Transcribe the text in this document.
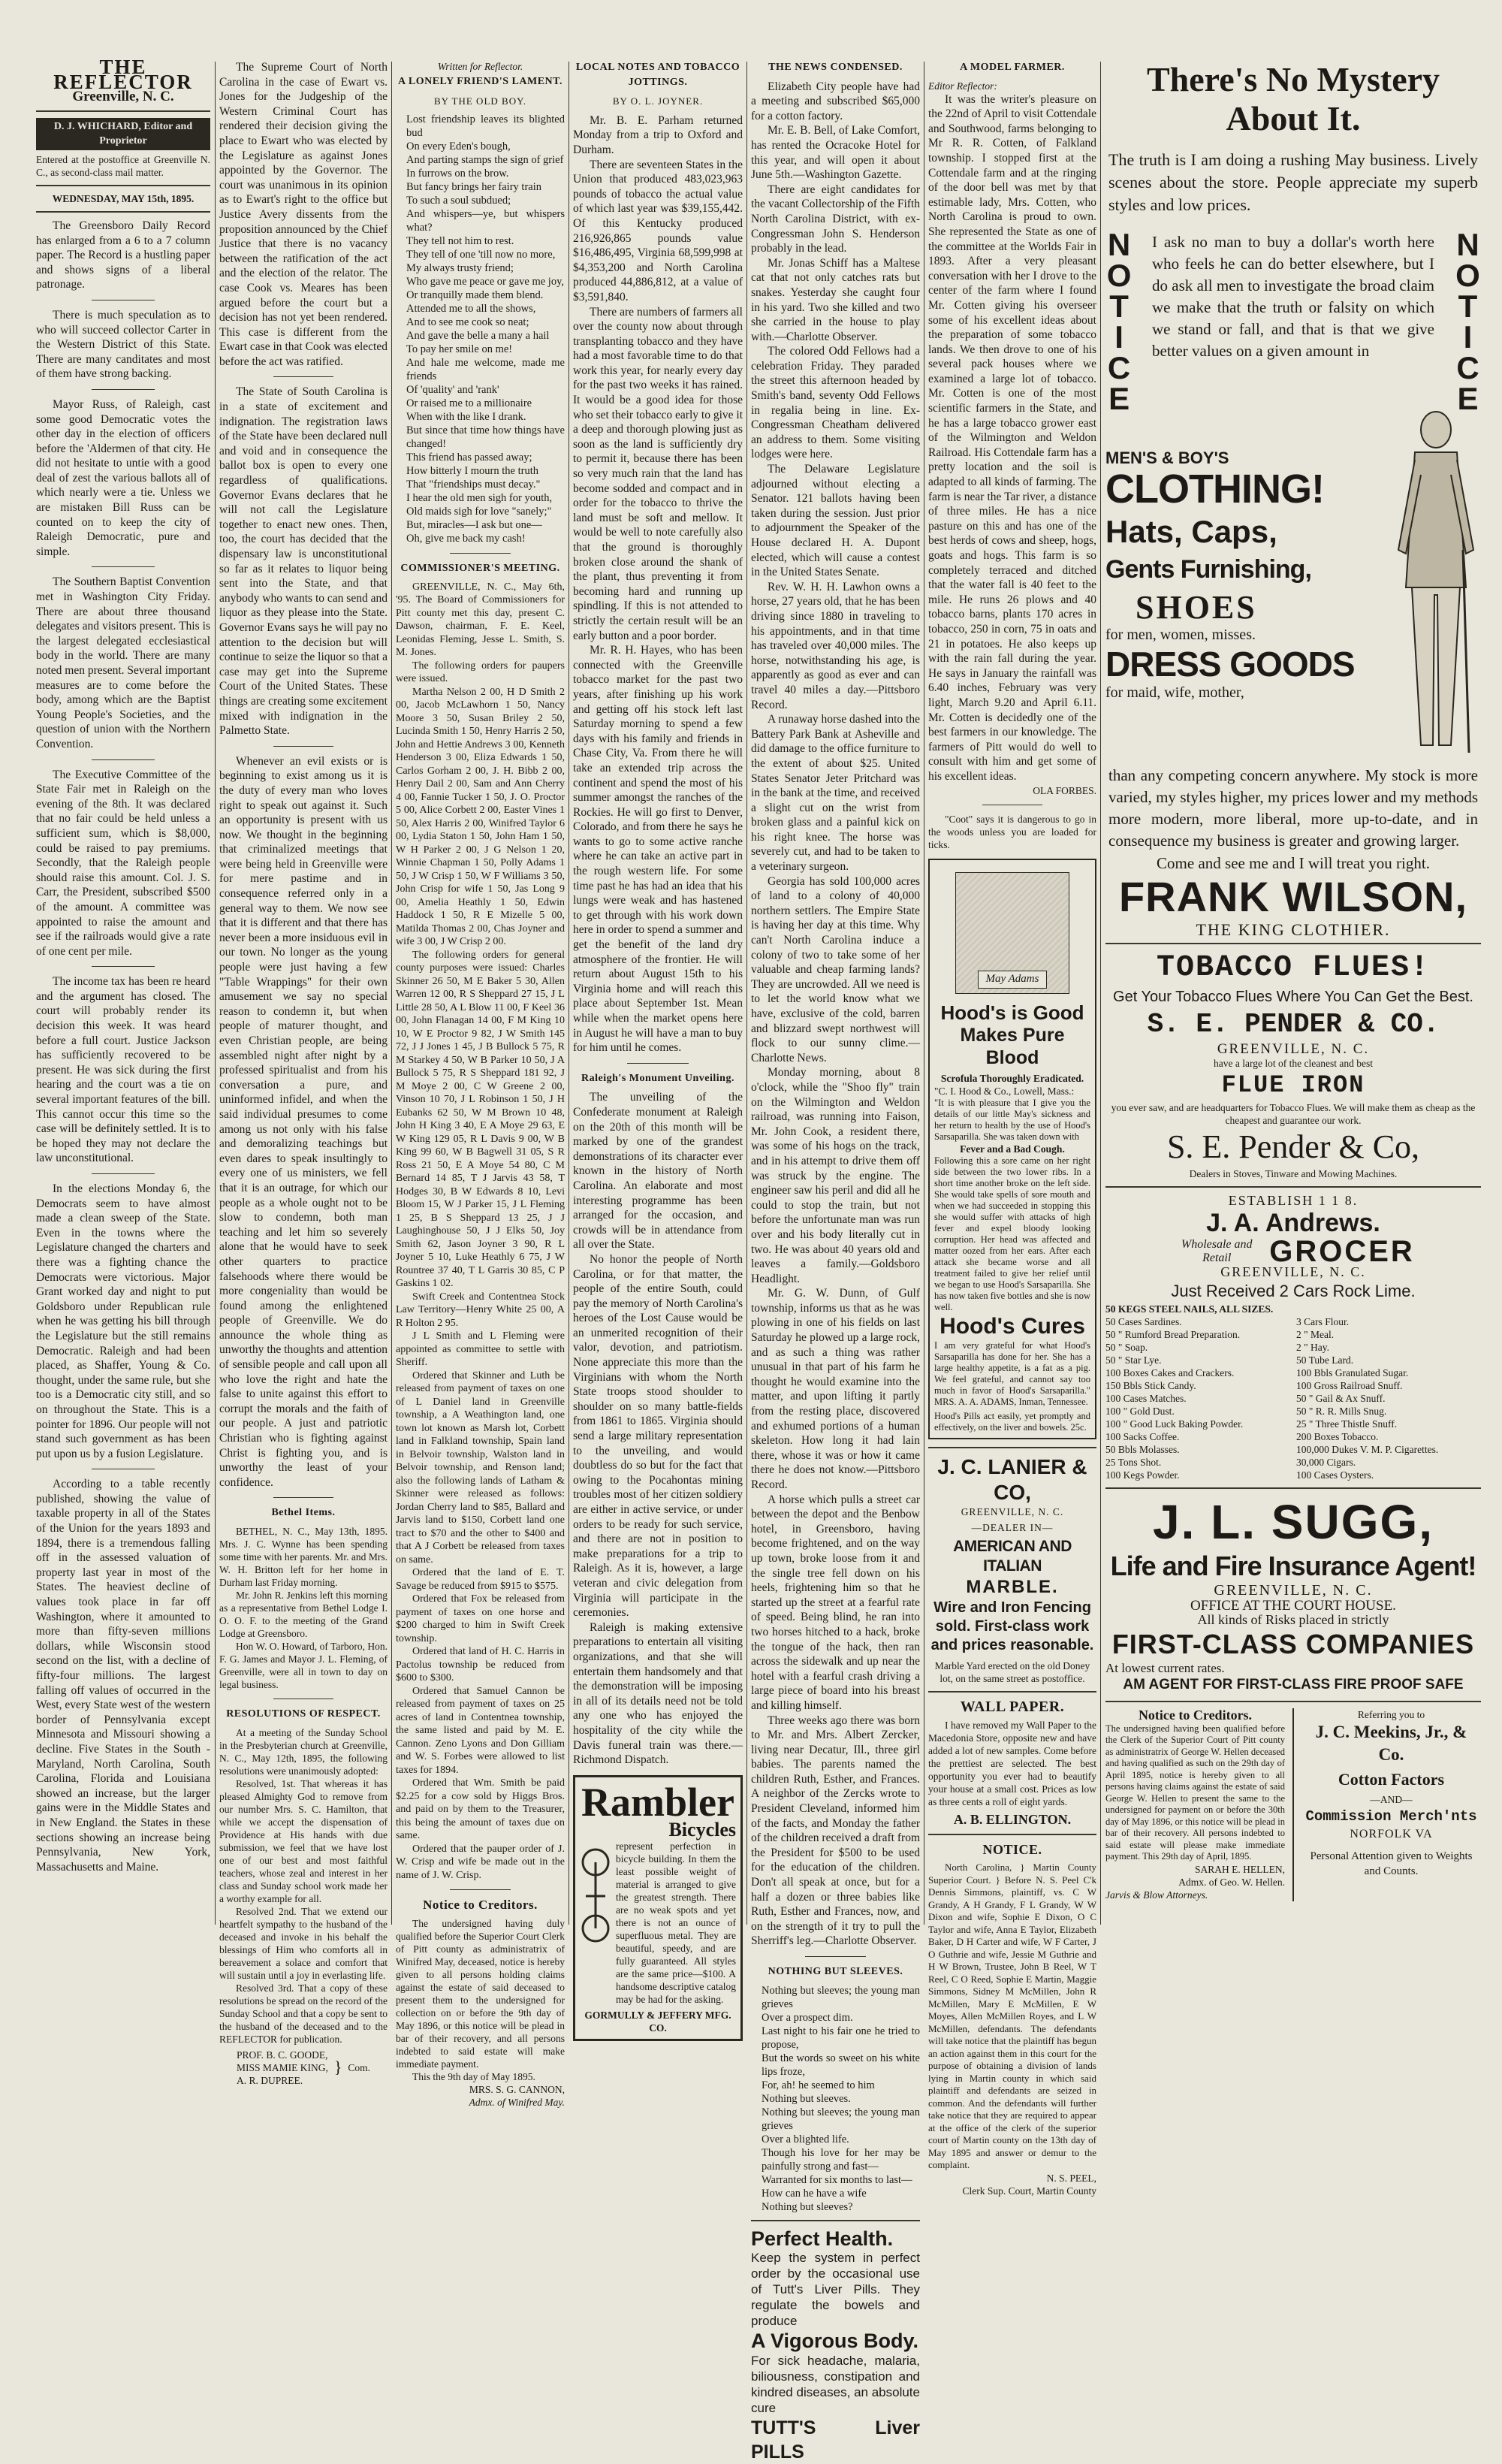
THE REFLECTOR
Greenville, N. C.
D. J. WHICHARD, Editor and Proprietor
Entered at the postoffice at Greenville N. C., as second-class mail matter.
WEDNESDAY, MAY 15th, 1895.

The Greensboro Daily Record has enlarged from a 6 to a 7 column paper. The Record is a hustling paper and shows signs of a liberal patronage.

There is much speculation as to who will succeed collector Carter in the Western District of this State. There are many canditates and most of them have strong backing.

Mayor Russ, of Raleigh, cast some good Democratic votes the other day in the election of officers before the 'Aldermen of that city. He did not hesitate to untie with a good deal of zest the various ballots all of which nearly were a tie. Unless we are mistaken Bill Russ can be counted on to keep the city of Raleigh Democratic, pure and simple.

The Southern Baptist Convention met in Washington City Friday. There are about three thousand delegates and visitors present. This is the largest delegated ecclesiastical body in the world. There are many noted men present. Several important measures are to come before the body, among which are the Baptist Young People's Societies, and the question of union with the Northern Convention.

The Executive Committee of the State Fair met in Raleigh on the evening of the 8th. It was declared that no fair could be held unless a sufficient sum, which is $8,000, could be raised to pay premiums. Secondly, that the Raleigh people should raise this amount. Col. J. S. Carr, the President, subscribed $500 of the amount. A committee was appointed to raise the amount and see if the railroads would give a rate of one cent per mile.

The income tax has been re heard and the argument has closed. The court will probably render its decision this week. It was heard before a full court. Justice Jackson has sufficiently recovered to be present. He was sick during the first hearing and the court was a tie on several important features of the bill. This cannot occur this time so the case will be definitely settled. It is to be hoped they may not declare the law unconstitutional.

In the elections Monday 6, the Democrats seem to have almost made a clean sweep of the State. Even in the towns where the Legislature changed the charters and there was a fighting chance the Democrats were victorious. Major Grant worked day and night to put Goldsboro under Republican rule when he was getting his bill through the Legislature but the still remains Democratic. Raleigh and had been placed, as Shaffer, Young & Co. thought, under the same rule, but she too is a Democratic city still, and so on throughout the State. This is a pointer for 1896. Our people will not stand such government as has been put upon us by a fusion Legislature.

According to a table recently published, showing the value of taxable property in all of the States of the Union for the years 1893 and 1894, there is a tremendous falling off in the assessed valuation of property last year in most of the States. The heaviest decline of values took place in far off Washington, where it amounted to more than fifty-seven millions dollars, while Wisconsin stood second on the list, with a decline of fifty-four millions. The largest falling off values of occurred in the West, every State west of the western border of Pennsylvania except Minnesota and Missouri showing a decline. Five States in the South -Maryland, North Carolina, South Carolina, Florida and Louisiana showed an increase, but the larger gains were in the Middle States and in New England. the States in these sections showing an increase being Pennsylvania, New York, Massachusetts and Maine.

The Supreme Court of North Carolina in the case of Ewart vs. Jones for the Judgeship of the Western Criminal Court has rendered their decision giving the place to Ewart who was elected by the Legislature as against Jones appointed by the Governor. The court was unanimous in its opinion as to Ewart's right to the office but Justice Avery dissents from the proposition announced by the Chief Justice that there is no vacancy between the ratification of the act and the election of the relator. The case Cook vs. Meares has been argued before the court but a decision has not yet been rendered. This case is different from the Ewart case in that Cook was elected before the act was ratified.

The State of South Carolina is in a state of excitement and indignation. The registration laws of the State have been declared null and void and in consequence the ballot box is open to every one regardless of qualifications. Governor Evans declares that he will not call the Legislature together to enact new ones. Then, too, the court has decided that the dispensary law is unconstitutional so far as it relates to liquor being sent into the State, and that anybody who wants to can send and liquor as they please into the State. Governor Evans says he will pay no attention to the decision but will continue to seize the liquor so that a case may get into the Supreme Court of the United States. These things are creating some excitement mixed with indignation in the Palmetto State.

Whenever an evil exists or is beginning to exist among us it is the duty of every man who loves right to speak out against it. Such an opportunity is present with us now. We thought in the beginning that criminalized meetings that were being held in Greenville were for mere pastime and in consequence referred only in a general way to them. We now see that it is different and that there has never been a more insiduous evil in our town. No longer as the young people were just having a few "Table Wrappings" for their own amusement we say no special reason to condemn it, but when people of maturer thought, and even Christian people, are being assembled night after night by a professed spiritualist and from his conversation a pure, and uninformed infidel, and when the said individual presumes to come among us not only with his false and demoralizing teachings but even dares to speak insultingly to every one of us ministers, we fell that it is an outrage, for which our people as a whole ought not to be slow to condemn, both man teaching and let him so severely alone that he would have to seek other quarters to practice falsehoods where there would be more congeniality than would be found among the enlightened people of Greenville. We do announce the whole thing as unworthy the thoughts and attention of sensible people and call upon all who love the right and hate the false to unite against this effort to corrupt the morals and the faith of our people. A just and patriotic Christian who is fighting against Christ is fighting you, and is unworthy the least of your confidence.

Bethel Items.

BETHEL, N. C., May 13th, 1895. Mrs. J. C. Wynne has been spending some time with her parents. Mr. and Mrs. W. H. Britton left for her home in Durham last Friday morning.

Mr. John R. Jenkins left this morning as a representative from Bethel Lodge I. O. O. F. to the meeting of the Grand Lodge at Greensboro.

Hon W. O. Howard, of Tarboro, Hon. F. G. James and Mayor J. L. Fleming, of Greenville, were all in town to day on legal business.

RESOLUTIONS OF RESPECT.

At a meeting of the Sunday School in the Presbyterian church at Greenville, N. C., May 12th, 1895, the following resolutions were unanimously adopted:

Resolved, 1st. That whereas it has pleased Almighty God to remove from our number Mrs. S. C. Hamilton, that while we accept the dispensation of Providence at His hands with due submission, we feel that we have lost one of our best and most faithful teachers, whose zeal and interest in her class and Sunday school work made her a worthy example for all.

Resolved 2nd. That we extend our heartfelt sympathy to the husband of the deceased and invoke in his behalf the blessings of Him who comforts all in bereavement a solace and comfort that will sustain until a joy in everlasting life.

Resolved 3rd. That a copy of these resolutions be spread on the record of the Sunday School and that a copy be sent to the husband of the deceased and to the REFLECTOR for publication.

PROF. B. C. GOODE,
MISS MAMIE KING,
A. R. DUPREE.
} Com.
Written for Reflector.
A LONELY FRIEND'S LAMENT.
BY THE OLD BOY.
Lost friendship leaves its blighted bud
On every Eden's bough,
And parting stamps the sign of grief
In furrows on the brow.
But fancy brings her fairy train
To such a soul subdued;
And whispers—ye, but whispers what?
They tell not him to rest.
They tell of one 'till now no more,
My always trusty friend;
Who gave me peace or gave me joy,
Or tranquilly made them blend.
Attended me to all the shows,
And to see me cook so neat;
And gave the belle a many a hail
To pay her smile on me!
And hale me welcome, made me friends
Of 'quality' and 'rank'
Or raised me to a millionaire
When with the like I drank.
But since that time how things have changed!
This friend has passed away;
How bitterly I mourn the truth
That "friendships must decay."
I hear the old men sigh for youth,
Old maids sigh for love "sanely;"
But, miracles—I ask but one—
Oh, give me back my cash!
COMMISSIONER'S MEETING.

GREENVILLE, N. C., May 6th, '95. The Board of Commissioners for Pitt county met this day, present C. Dawson, chairman, F. E. Keel, Leonidas Fleming, Jesse L. Smith, S. M. Jones.

The following orders for paupers were issued.

Martha Nelson 2 00, H D Smith 2 00, Jacob McLawhorn 1 50, Nancy Moore 3 50, Susan Briley 2 50, Lucinda Smith 1 50, Henry Harris 2 50, John and Hettie Andrews 3 00, Kenneth Henderson 3 00, Eliza Edwards 1 50, Carlos Gorham 2 00, J. H. Bibb 2 00, Henry Dail 2 00, Sam and Ann Cherry 4 00, Fannie Tucker 1 50, J. O. Proctor 5 00, Alice Corbett 2 00, Easter Vines 1 50, Alex Harris 2 00, Winifred Taylor 6 00, Lydia Staton 1 50, John Ham 1 50, W H Parker 2 00, J G Nelson 1 20, Winnie Chapman 1 50, Polly Adams 1 50, J W Crisp 1 50, W F Williams 3 50, John Crisp for wife 1 50, Jas Long 9 00, Amelia Heathly 1 50, Edwin Haddock 1 50, R E Mizelle 5 00, Matilda Thomas 2 00, Chas Joyner and wife 3 00, J W Crisp 2 00.

The following orders for general county purposes were issued: Charles Skinner 26 50, M E Baker 5 30, Allen Warren 12 00, R S Sheppard 27 15, J L Little 28 50, A L Blow 11 00, F Keel 36 00, John Flanagan 14 00, F M King 10 10, W E Proctor 9 82, J W Smith 145 72, J J Jones 1 45, J B Bullock 5 75, R M Starkey 4 50, W B Parker 10 50, J A Bullock 5 75, R S Sheppard 181 92, J M Moye 2 00, C W Greene 2 00, Vinson 10 70, J L Robinson 1 50, J H Eubanks 62 50, W M Brown 10 48, John H King 3 40, E A Moye 29 63, E W King 129 05, R L Davis 9 00, W B King 99 60, W B Bagwell 31 05, S R Ross 21 50, E A Moye 54 80, C M Bernard 14 85, T J Jarvis 43 58, T Hodges 30, B W Edwards 8 10, Levi Bloom 15, W J Parker 15, J L Fleming 1 25, B S Sheppard 13 25, J J Laughinghouse 50, J J Elks 50, Joy Smith 62, Jason Joyner 3 90, R L Joyner 5 10, Luke Heathly 6 75, J W Rountree 37 40, T L Garris 30 85, C P Gaskins 1 02.

Swift Creek and Contentnea Stock Law Territory—Henry White 25 00, A R Holton 2 95.

J L Smith and L Fleming were appointed as committee to settle with Sheriff.

Ordered that Skinner and Luth be released from payment of taxes on one of L Daniel land in Greenville township, a A Weathington land, one town lot known as Marsh lot, Corbett land in Falkland township, Spain land in Belvoir township, Walston land in Belvoir township, and Renson land; also the following lands of Latham & Skinner were released as follows: Jordan Cherry land to $85, Ballard and Jarvis land to $150, Corbett land one tract to $70 and the other to $400 and that A J Corbett be released from taxes on same.

Ordered that the land of E. T. Savage be reduced from $915 to $575.

Ordered that Fox be released from payment of taxes on one horse and $200 charged to him in Swift Creek township.

Ordered that land of H. C. Harris in Pactolus township be reduced from $600 to $300.

Ordered that Samuel Cannon be released from payment of taxes on 25 acres of land in Contentnea township, the same listed and paid by M. E. Cannon. Zeno Lyons and Don Gilliam and W. S. Forbes were allowed to list taxes for 1894.

Ordered that Wm. Smith be paid $2.25 for a cow sold by Higgs Bros. and paid on by them to the Treasurer, this being the amount of taxes due on same.

Ordered that the pauper order of J. W. Crisp and wife be made out in the name of J. W. Crisp.

Notice to Creditors.

The undersigned having duly qualified before the Superior Court Clerk of Pitt county as administratrix of Winifred May, deceased, notice is hereby given to all persons holding claims against the estate of said deceased to present them to the undersigned for collection on or before the 9th day of May 1896, or this notice will be plead in bar of their recovery, and all persons indebted to said estate will make immediate payment.

This the 9th day of May 1895.

MRS. S. G. CANNON,
Admx. of Winifred May.
LOCAL NOTES AND TOBACCO JOTTINGS.
BY O. L. JOYNER.

Mr. B. E. Parham returned Monday from a trip to Oxford and Durham.

There are seventeen States in the Union that produced 483,023,963 pounds of tobacco the actual value of which last year was $39,155,442. Of this Kentucky produced 216,926,865 pounds value $16,486,495, Virginia 68,599,998 at $4,353,200 and North Carolina produced 44,886,812, at a value of $3,591,840.

There are numbers of farmers all over the county now about through transplanting tobacco and they have had a most favorable time to do that work this year, for nearly every day for the past two weeks it has rained. It would be a good idea for those who set their tobacco early to give it a deep and thorough plowing just as soon as the land is sufficiently dry to permit it, because there has been so very much rain that the land has become sodded and compact and in order for the tobacco to thrive the land must be soft and mellow. It would be well to note carefully also that the ground is thoroughly broken close around the shank of the plant, thus preventing it from becoming hard and running up spindling. If this is not attended to strictly the certain result will be an early button and a poor border.

Mr. R. H. Hayes, who has been connected with the Greenville tobacco market for the past two years, after finishing up his work and getting off his stock left last Saturday morning to spend a few days with his family and friends in Chase City, Va. From there he will take an extended trip across the continent and spend the most of his summer amongst the ranches of the Rockies. He will go first to Denver, Colorado, and from there he says he wants to go to some active ranche where he can take an active part in the rough western life. For some time past he has had an idea that his lungs were weak and has hastened to get through with his work down here in order to spend a summer and get the benefit of the land dry atmosphere of the frontier. He will return about August 15th to his Virginia home and will reach this place about September 1st. Mean while when the market opens here in August he will have a man to buy for him until he comes.

Raleigh's Monument Unveiling.

The unveiling of the Confederate monument at Raleigh on the 20th of this month will be marked by one of the grandest demonstrations of its character ever known in the history of North Carolina. An elaborate and most interesting programme has been arranged for the occasion, and crowds will be in attendance from all over the State.

No honor the people of North Carolina, or for that matter, the people of the entire South, could pay the memory of North Carolina's heroes of the Lost Cause would be an unmerited recognition of their valor, devotion, and patriotism. None appreciate this more than the Virginians with whom the North State troops stood shoulder to shoulder on so many battle-fields from 1861 to 1865. Virginia should send a large military representation to the unveiling, and would doubtless do so but for the fact that owing to the Pocahontas mining troubles most of her citizen soldiery are either in active service, or under orders to be ready for such service, and there are not in position to make preparations for a trip to Raleigh. As it is, however, a large veteran and civic delegation from Virginia will participate in the ceremonies.

Raleigh is making extensive preparations to entertain all visiting organizations, and that she will entertain them handsomely and that the demonstration will be imposing in all of its details need not be told any one who has enjoyed the hospitality of the city while the Davis funeral train was there.—Richmond Dispatch.

Rambler
Bicycles
represent perfection in bicycle building. In them the least possible weight of material is arranged to give the greatest strength. There are no weak spots and yet there is not an ounce of superfluous metal. They are beautiful, speedy, and are fully guaranteed. All styles are the same price—$100. A handsome descriptive catalog may be had for the asking.
GORMULLY & JEFFERY MFG. CO.
THE NEWS CONDENSED.

Elizabeth City people have had a meeting and subscribed $65,000 for a cotton factory.

Mr. E. B. Bell, of Lake Comfort, has rented the Ocracoke Hotel for this year, and will open it about June 5th.—Washington Gazette.

There are eight candidates for the vacant Collectorship of the Fifth North Carolina District, with ex-Congressman John S. Henderson probably in the lead.

Mr. Jonas Schiff has a Maltese cat that not only catches rats but snakes. Yesterday she caught four in his yard. Two she killed and two she carried in the house to play with.—Charlotte Observer.

The colored Odd Fellows had a celebration Friday. They paraded the street this afternoon headed by Smith's band, seventy Odd Fellows in regalia being in line. Ex-Congressman Cheatham delivered an address to them. Some visiting lodges were here.

The Delaware Legislature adjourned without electing a Senator. 121 ballots having been taken during the session. Just prior to adjournment the Speaker of the House declared H. A. Dupont elected, which will cause a contest in the United States Senate.

Rev. W. H. H. Lawhon owns a horse, 27 years old, that he has been driving since 1880 in traveling to his appointments, and in that time has traveled over 40,000 miles. The horse, notwithstanding his age, is apparently as good as ever and can travel 40 miles a day.—Pittsboro Record.

A runaway horse dashed into the Battery Park Bank at Asheville and did damage to the office furniture to the extent of about $25. United States Senator Jeter Pritchard was in the bank at the time, and received a slight cut on the wrist from broken glass and a painful kick on his right knee. The horse was severely cut, and had to be taken to a veterinary surgeon.

Georgia has sold 100,000 acres of land to a colony of 40,000 northern settlers. The Empire State is having her day at this time. Why can't North Carolina induce a colony of two to take some of her valuable and cheap farming lands? They are uncrowded. All we need is to let the world know what we have, exclusive of the cold, barren and blizzard swept northwest will flock to our sunny clime.—Charlotte News.

Monday morning, about 8 o'clock, while the "Shoo fly" train on the Wilmington and Weldon railroad, was running into Faison, Mr. John Cook, a resident there, was some of his hogs on the track, and in his attempt to drive them off was struck by the engine. The engineer saw his peril and did all he could to stop the train, but not before the unfortunate man was run over and his body literally cut in two. He was about 40 years old and leaves a family.—Goldsboro Headlight.

Mr. G. W. Dunn, of Gulf township, informs us that as he was plowing in one of his fields on last Saturday he plowed up a large rock, and as such a thing was rather unusual in that part of his farm he thought he would examine into the matter, and upon lifting it partly from the resting place, discovered and exhumed portions of a human skeleton. How long it had lain there, whose it was or how it came there he does not know.—Pittsboro Record.

A horse which pulls a street car between the depot and the Benbow hotel, in Greensboro, having become frightened, and on the way up town, broke loose from it and the single tree fell down on his heels, frightening him so that he started up the street at a fearful rate of speed. Being blind, he ran into two horses hitched to a hack, broke the tongue of the hack, then ran across the sidewalk and up near the hotel with a fearful crash driving a large piece of board into his breast and killing himself.

Three weeks ago there was born to Mr. and Mrs. Albert Zercker, living near Decatur, Ill., three girl babies. The parents named the children Ruth, Esther, and Frances. A neighbor of the Zercks wrote to President Cleveland, informed him of the facts, and Monday the father of the children received a draft from the President for $500 to be used for the education of the children. Don't all speak at once, but for a half a dozen or three babies like Ruth, Esther and Frances, now, and on the strength of it try to pull the Sherriff's leg.—Charlotte Observer.

NOTHING BUT SLEEVES.
Nothing but sleeves; the young man grieves
Over a prospect dim.
Last night to his fair one he tried to propose,
But the words so sweet on his white lips froze,
For, ah! he seemed to him
Nothing but sleeves.
Nothing but sleeves; the young man grieves
Over a blighted life.
Though his love for her may be painfully strong and fast—
Warranted for six months to last—
How can he have a wife
Nothing but sleeves?
Perfect Health.
Keep the system in perfect order by the occasional use of Tutt's Liver Pills. They regulate the bowels and produce
A Vigorous Body.
For sick headache, malaria, biliousness, constipation and kindred diseases, an absolute cure
TUTT'S Liver PILLS
A MODEL FARMER.
Editor Reflector:

It was the writer's pleasure on the 22nd of April to visit Cottendale and Southwood, farms belonging to Mr R. R. Cotten, of Falkland township. I stopped first at the Cottendale farm and at the ringing of the door bell was met by that estimable lady, Mrs. Cotten, who North Carolina is proud to own. She represented the State as one of the committee at the Worlds Fair in 1893. After a very pleasant conversation with her I drove to the center of the farm where I found Mr. Cotten giving his overseer some of his excellent ideas about the preparation of some tobacco lands. We then drove to one of his several pack houses where we examined a large lot of tobacco. Mr. Cotten is one of the most scientific farmers in the State, and he has a large tobacco grower east of the Wilmington and Weldon Railroad. His Cottendale farm has a pretty location and the soil is adapted to all kinds of farming. The farm is near the Tar river, a distance of three miles. He has a nice pasture on this and has one of the best herds of cows and sheep, hogs, goats and hogs. This farm is so completely terraced and ditched that the water fall is 40 feet to the mile. He runs 26 plows and 40 tobacco barns, plants 170 acres in tobacco, 250 in corn, 75 in oats and 21 in potatoes. He also keeps up with the rain fall during the year. He says in January the rainfall was 6.40 inches, February was very light, March 9.20 and April 6.11. Mr. Cotten is decidedly one of the best farmers in our knowledge. The farmers of Pitt would do well to consult with him and get some of his excellent ideas.

OLA FORBES.

"Coot" says it is dangerous to go in the woods unless you are loaded for ticks.

May Adams
Hood's is Good
Makes Pure Blood
Scrofula Thoroughly Eradicated.
"C. I. Hood & Co., Lowell, Mass.:
"It is with pleasure that I give you the details of our little May's sickness and her return to health by the use of Hood's Sarsaparilla. She was taken down with
Fever and a Bad Cough.
Following this a sore came on her right side between the two lower ribs. In a short time another broke on the left side. She would take spells of sore mouth and when we had succeeded in stopping this she would suffer with attacks of high fever and expel bloody looking corruption. Her head was affected and matter oozed from her ears. After each attack she became worse and all treatment failed to give her relief until we began to use Hood's Sarsaparilla. She has now taken five bottles and she is now well.
Hood's Cures
I am very grateful for what Hood's Sarsaparilla has done for her. She has a large healthy appetite, is a fat as a pig. We feel grateful, and cannot say too much in favor of Hood's Sarsaparilla." MRS. A. A. ADAMS, Inman, Tennessee.
Hood's Pills act easily, yet promptly and effectively, on the liver and bowels. 25c.
J. C. LANIER & CO,
GREENVILLE, N. C.
—DEALER IN—
AMERICAN AND ITALIAN
MARBLE.
Wire and Iron Fencing sold. First-class work and prices reasonable.
Marble Yard erected on the old Doney lot, on the same street as postoffice.
WALL PAPER.

I have removed my Wall Paper to the Macedonia Store, opposite new and have added a lot of new samples. Come before the prettiest are selected. The best opportunity you ever had to beautify your house at a small cost. Prices as low as three cents a roll of eight yards.

A. B. ELLINGTON.
NOTICE.

North Carolina, } Martin County Superior Court. } Before N. S. Peel C'k Dennis Simmons, plaintiff, vs. C W Grandy, A H Grandy, F L Grandy, W W Dixon and wife, Sophie E Dixon, O C Taylor and wife, Anna E Taylor, Elizabeth Baker, D H Carter and wife, W F Carter, J O Guthrie and wife, Jessie M Guthrie and H W Brown, Trustee, John B Reel, W T Reel, C O Reed, Sophie E Martin, Maggie Simmons, Sidney M McMillen, John R McMillen, Mary E McMillen, E W Moyes, Allen McMillen Royes, and L W McMillen, defendants. The defendants will take notice that the plaintiff has begun an action against them in this court for the purpose of obtaining a division of lands lying in Martin county in which said plaintiff and defendants are seized in common. And the defendants will further take notice that they are required to appear at the office of the clerk of the superior court of Martin county on the 13th day of May 1895 and answer or demur to the complaint.

N. S. PEEL,
Clerk Sup. Court, Martin County
There's No Mystery
About It.
The truth is I am doing a rushing May business. Lively scenes about the store. People appreciate my superb styles and low prices.
NOTICE	NOTICE
I ask no man to buy a dollar's worth here who feels he can do better elsewhere, but I do ask all men to investigate the broad claim we make that the truth or falsity on which we stand or fall, and that is that we give better values on a given amount in
MEN'S & BOY'S
CLOTHING!
Hats, Caps,
Gents Furnishing,
SHOES
for men, women, misses.
DRESS GOODS
for maid, wife, mother,
than any competing concern anywhere. My stock is more varied, my styles higher, my prices lower and my methods more modern, more liberal, more up-to-date, and in consequence my business is greater and growing larger.
Come and see me and I will treat you right.
FRANK WILSON,
THE KING CLOTHIER.
TOBACCO FLUES!
Get Your Tobacco Flues Where You Can Get the Best.
S. E. PENDER & CO.
GREENVILLE, N. C.
have a large lot of the cleanest and best
FLUE IRON
you ever saw, and are headquarters for Tobacco Flues. We will make them as cheap as the cheapest and guarantee our work.
S. E. Pender & Co,
Dealers in Stoves, Tinware and Mowing Machines.
ESTABLISH 1 1 8.
J. A. Andrews.
Wholesale and Retail	GROCER
GREENVILLE, N. C.
Just Received 2 Cars Rock Lime.
50 KEGS STEEL NAILS, ALL SIZES.
50 Cases Sardines.
50 " Rumford Bread Preparation.
50 " Soap.
50 " Star Lye.
100 Boxes Cakes and Crackers.
150 Bbls Stick Candy.
100 Cases Matches.
100 " Gold Dust.
100 " Good Luck Baking Powder.
100 Sacks Coffee.
50 Bbls Molasses.
25 Tons Shot.
100 Kegs Powder.
3 Cars Flour.
2 " Meal.
2 " Hay.
50 Tube Lard.
100 Bbls Granulated Sugar.
100 Gross Railroad Snuff.
50 " Gail & Ax Snuff.
50 " R. R. Mills Snug.
25 " Three Thistle Snuff.
200 Boxes Tobacco.
100,000 Dukes V. M. P. Cigarettes.
30,000 Cigars.
100 Cases Oysters.
J. L. SUGG,
Life and Fire Insurance Agent!
GREENVILLE, N. C.
OFFICE AT THE COURT HOUSE.
All kinds of Risks placed in strictly
FIRST-CLASS COMPANIES
At lowest current rates.
AM AGENT FOR FIRST-CLASS FIRE PROOF SAFE
Notice to Creditors.
The undersigned having been qualified before the Clerk of the Superior Court of Pitt county as administratrix of George W. Hellen deceased and having qualified as such on the 29th day of April 1895, notice is hereby given to all persons having claims against the estate of said George W. Hellen to present the same to the undersigned for payment on or before the 30th day of May 1896, or this notice will be plead in bar of their recovery. All persons indebted to said estate will please make immediate payment. This 29th day of April, 1895.
SARAH E. HELLEN,
Admx. of Geo. W. Hellen.
Jarvis & Blow Attorneys.
Referring you to
J. C. Meekins, Jr., & Co.
Cotton Factors
—AND—
Commission Merch'nts
NORFOLK VA
Personal Attention given to Weights and Counts.
